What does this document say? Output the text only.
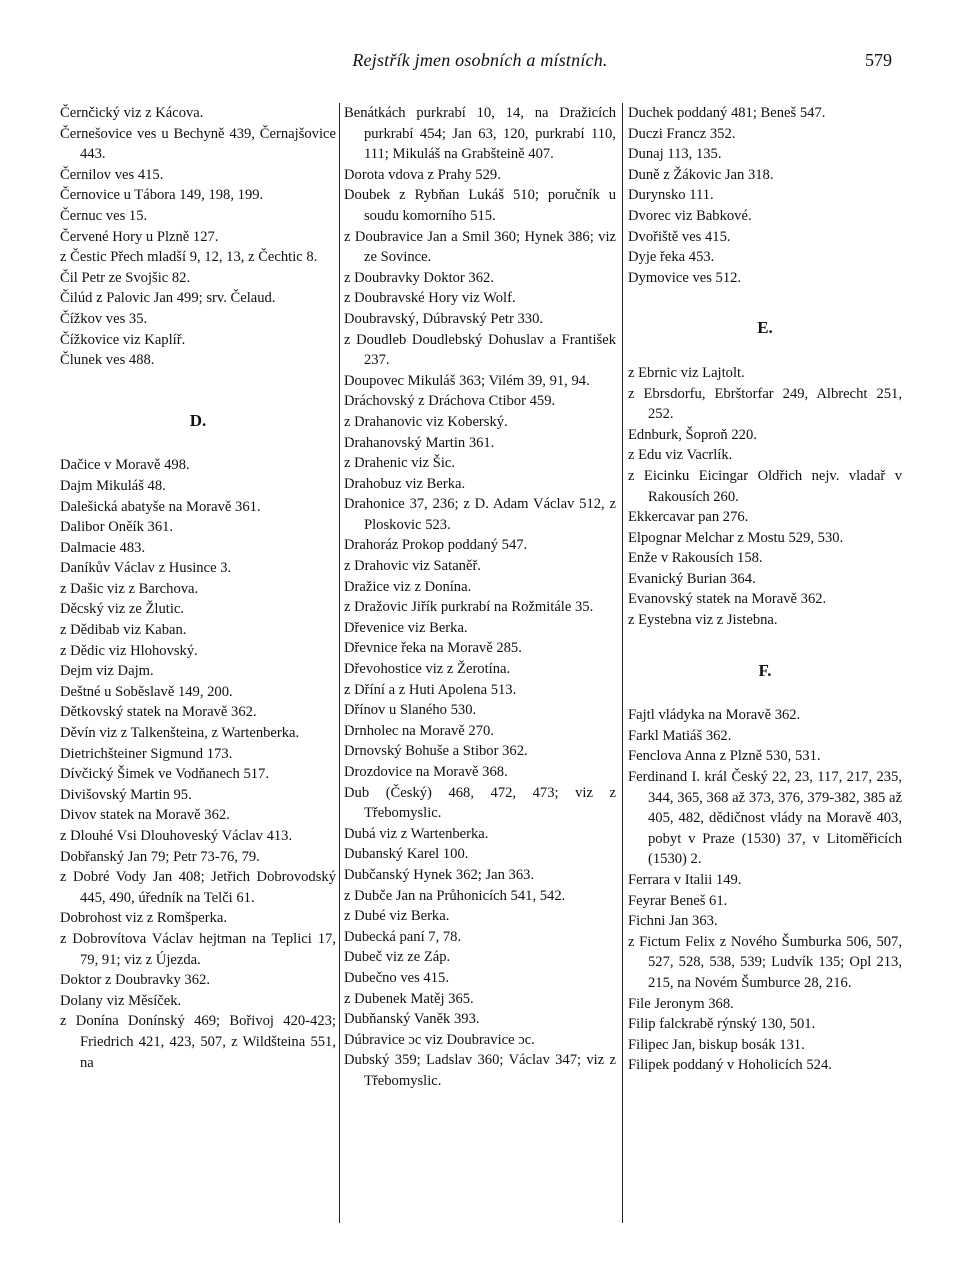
Rejstřík jmen osobních a místních.	579

Černčický viz z Kácova.

Černešovice ves u Bechyně 439, Černajšovice 443.

Černilov ves 415.

Černovice u Tábora 149, 198, 199.

Černuc ves 15.

Červené Hory u Plzně 127.

z Čestic Přech mladší 9, 12, 13, z Čechtic 8.

Čil Petr ze Svojšic 82.

Čilúd z Palovic Jan 499; srv. Čelaud.

Čížkov ves 35.

Čížkovice viz Kaplíř.

Člunek ves 488.

D.

Dačice v Moravě 498.

Dajm Mikuláš 48.

Dalešická abatyše na Moravě 361.

Dalibor Oněík 361.

Dalmacie 483.

Daníkův Václav z Husince 3.

z Dašic viz z Barchova.

Děcský viz ze Žlutic.

z Dědibab viz Kaban.

z Dědic viz Hlohovský.

Dejm viz Dajm.

Deštné u Soběslavě 149, 200.

Dětkovský statek na Moravě 362.

Děvín viz z Talkenšteina, z Wartenberka.

Dietrichšteiner Sigmund 173.

Dívčický Šimek ve Vodňanech 517.

Divišovský Martin 95.

Divov statek na Moravě 362.

z Dlouhé Vsi Dlouhoveský Václav 413.

Dobřanský Jan 79; Petr 73-76, 79.

z Dobré Vody Jan 408; Jetřich Dobrovodský 445, 490, úředník na Telči 61.

Dobrohost viz z Romšperka.

z Dobrovítova Václav hejtman na Teplici 17, 79, 91; viz z Újezda.

Doktor z Doubravky 362.

Dolany viz Měsíček.

z Donína Donínský 469; Bořivoj 420-423; Friedrich 421, 423, 507, z Wildšteina 551, na

Benátkách purkrabí 10, 14, na Dražicích purkrabí 454; Jan 63, 120, purkrabí 110, 111; Mikuláš na Grabšteině 407.

Dorota vdova z Prahy 529.

Doubek z Rybňan Lukáš 510; poručník u soudu komorního 515.

z Doubravice Jan a Smil 360; Hynek 386; viz ze Sovince.

z Doubravky Doktor 362.

z Doubravské Hory viz Wolf.

Doubravský, Dúbravský Petr 330.

z Doudleb Doudlebský Dohuslav a František 237.

Doupovec Mikuláš 363; Vilém 39, 91, 94.

Dráchovský z Dráchova Ctibor 459.

z Drahanovic viz Koberský.

Drahanovský Martin 361.

z Drahenic viz Šic.

Drahobuz viz Berka.

Drahonice 37, 236; z D. Adam Václav 512, z Ploskovic 523.

Drahoráz Prokop poddaný 547.

z Drahovic viz Sataněř.

Dražice viz z Donína.

z Dražovic Jiřík purkrabí na Rožmitále 35.

Dřevenice viz Berka.

Dřevnice řeka na Moravě 285.

Dřevohostice viz z Žerotína.

z Dříní a z Huti Apolena 513.

Dřínov u Slaného 530.

Drnholec na Moravě 270.

Drnovský Bohuše a Stibor 362.

Drozdovice na Moravě 368.

Dub (Český) 468, 472, 473; viz z Třebomyslic.

Dubá viz z Wartenberka.

Dubanský Karel 100.

Dubčanský Hynek 362; Jan 363.

z Dubče Jan na Průhonicích 541, 542.

z Dubé viz Berka.

Dubecká paní 7, 78.

Dubeč viz ze Záp.

Dubečno ves 415.

z Dubenek Matěj 365.

Dubňanský Vaněk 393.

Dúbravice ɔc viz Doubravice ɔc.

Dubský 359; Ladslav 360; Václav 347; viz z Třebomyslic.

Duchek poddaný 481; Beneš 547.

Duczi Francz 352.

Dunaj 113, 135.

Duně z Žákovic Jan 318.

Durynsko 111.

Dvorec viz Babkové.

Dvořiště ves 415.

Dyje řeka 453.

Dymovice ves 512.

E.

z Ebrnic viz Lajtolt.

z Ebrsdorfu, Ebrštorfar 249, Albrecht 251, 252.

Ednburk, Šoproň 220.

z Edu viz Vacrlík.

z Eicinku Eicingar Oldřich nejv. vladař v Rakousích 260.

Ekkercavar pan 276.

Elpognar Melchar z Mostu 529, 530.

Enže v Rakousích 158.

Evanický Burian 364.

Evanovský statek na Moravě 362.

z Eystebna viz z Jistebna.

F.

Fajtl vládyka na Moravě 362.

Farkl Matiáš 362.

Fenclova Anna z Plzně 530, 531.

Ferdinand I. král Český 22, 23, 117, 217, 235, 344, 365, 368 až 373, 376, 379-382, 385 až 405, 482, dědičnost vlády na Moravě 403, pobyt v Praze (1530) 37, v Litoměřicích (1530) 2.

Ferrara v Italii 149.

Feyrar Beneš 61.

Fichni Jan 363.

z Fictum Felix z Nového Šumburka 506, 507, 527, 528, 538, 539; Ludvík 135; Opl 213, 215, na Novém Šumburce 28, 216.

File Jeronym 368.

Filip falckrabě rýnský 130, 501.

Filipec Jan, biskup bosák 131.

Filipek poddaný v Hoholicích 524.
